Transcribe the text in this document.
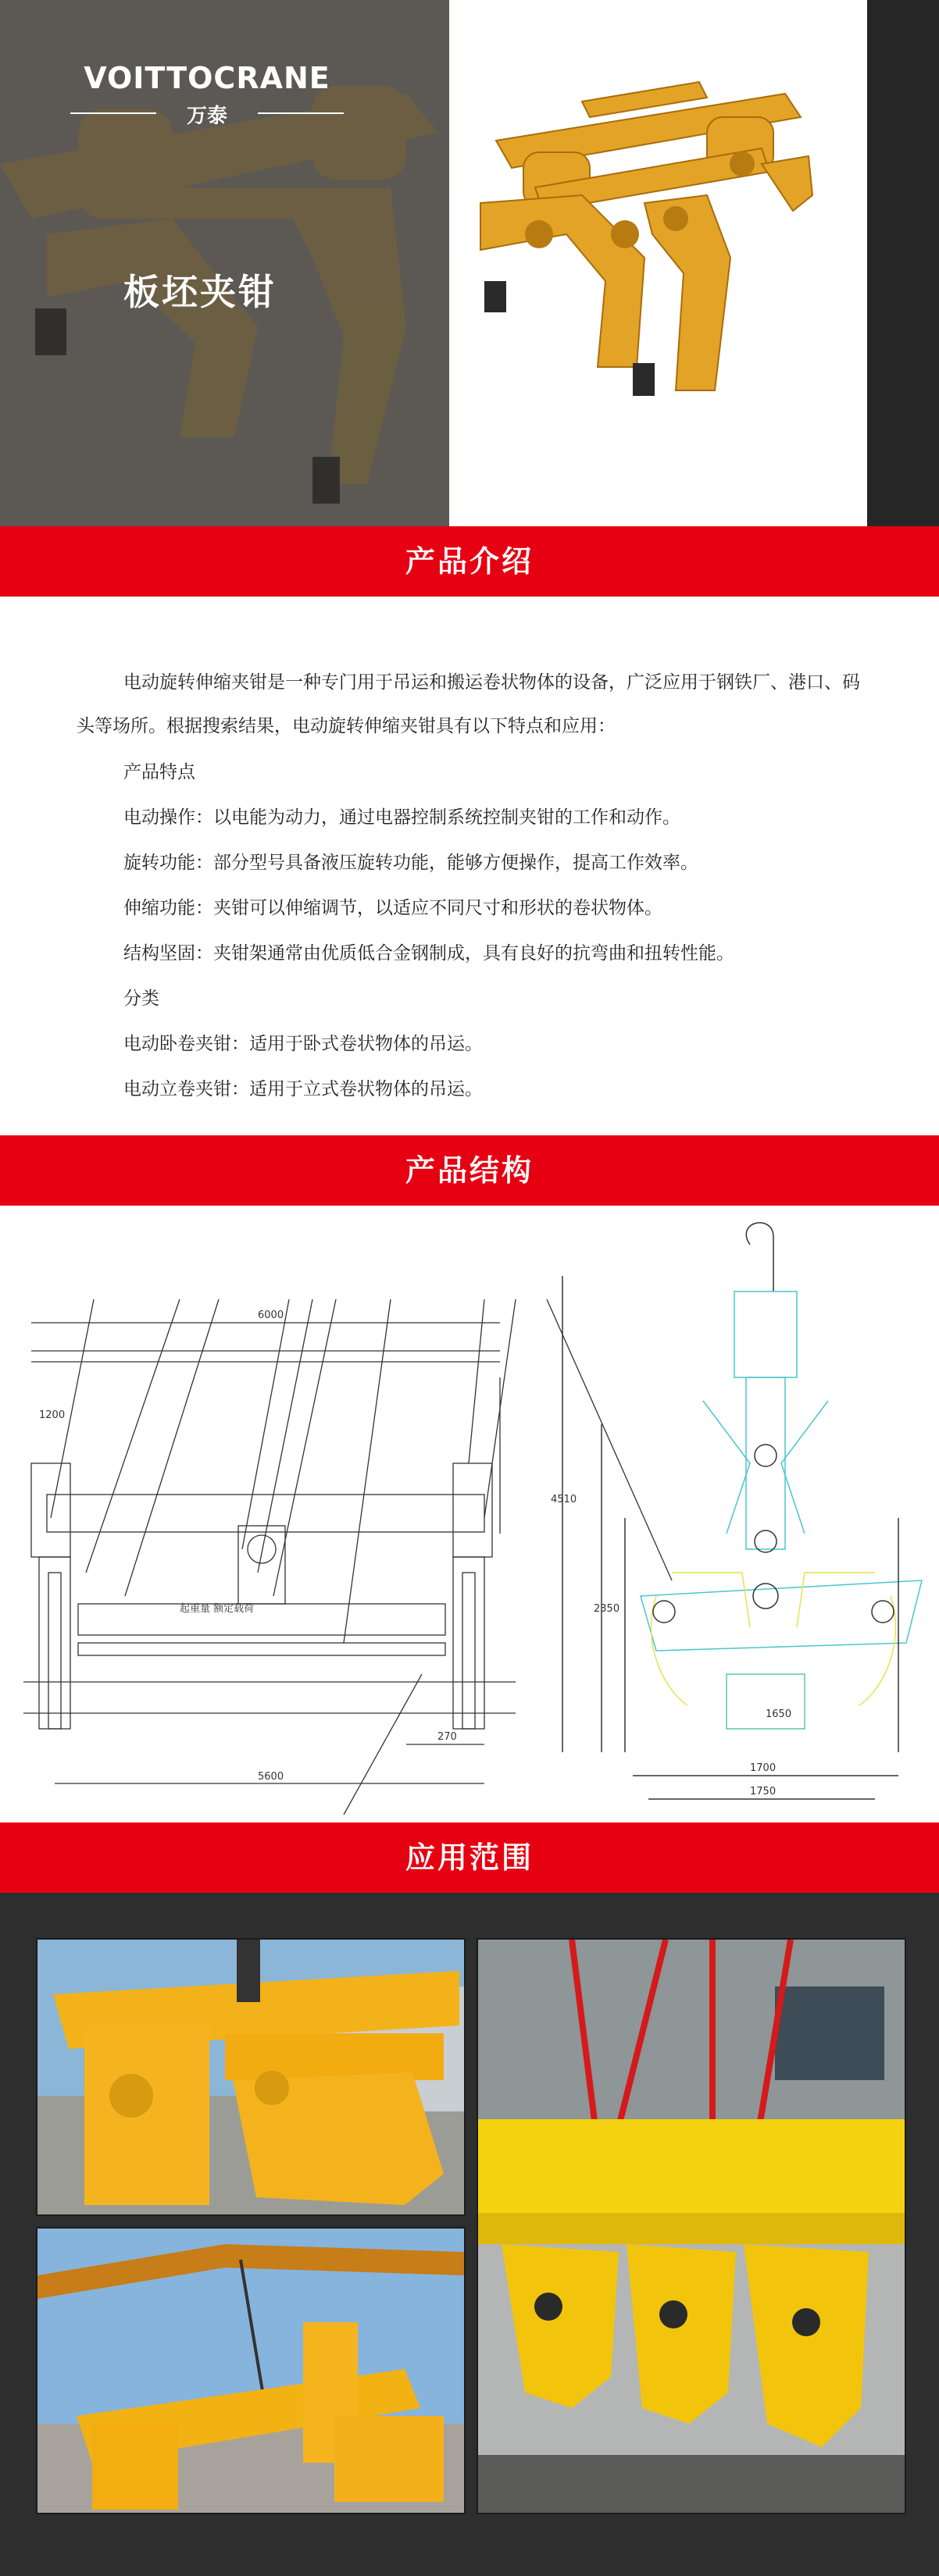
VOITTOCRANE
万泰
板坯夹钳
产品介绍
电动旋转伸缩夹钳是一种专门用于吊运和搬运卷状物体的设备，广泛应用于钢铁厂、港口、码头等场所。根据搜索结果，电动旋转伸缩夹钳具有以下特点和应用：
产品特点
电动操作：以电能为动力，通过电器控制系统控制夹钳的工作和动作。
旋转功能：部分型号具备液压旋转功能，能够方便操作，提高工作效率。
伸缩功能：夹钳可以伸缩调节，以适应不同尺寸和形状的卷状物体。
结构坚固：夹钳架通常由优质低合金钢制成，具有良好的抗弯曲和扭转性能。
分类
电动卧卷夹钳：适用于卧式卷状物体的吊运。
电动立卷夹钳：适用于立式卷状物体的吊运。
产品结构
6000
1200
5600
270
1700
2350
4510
1650
1750
起重量 额定载荷
应用范围
